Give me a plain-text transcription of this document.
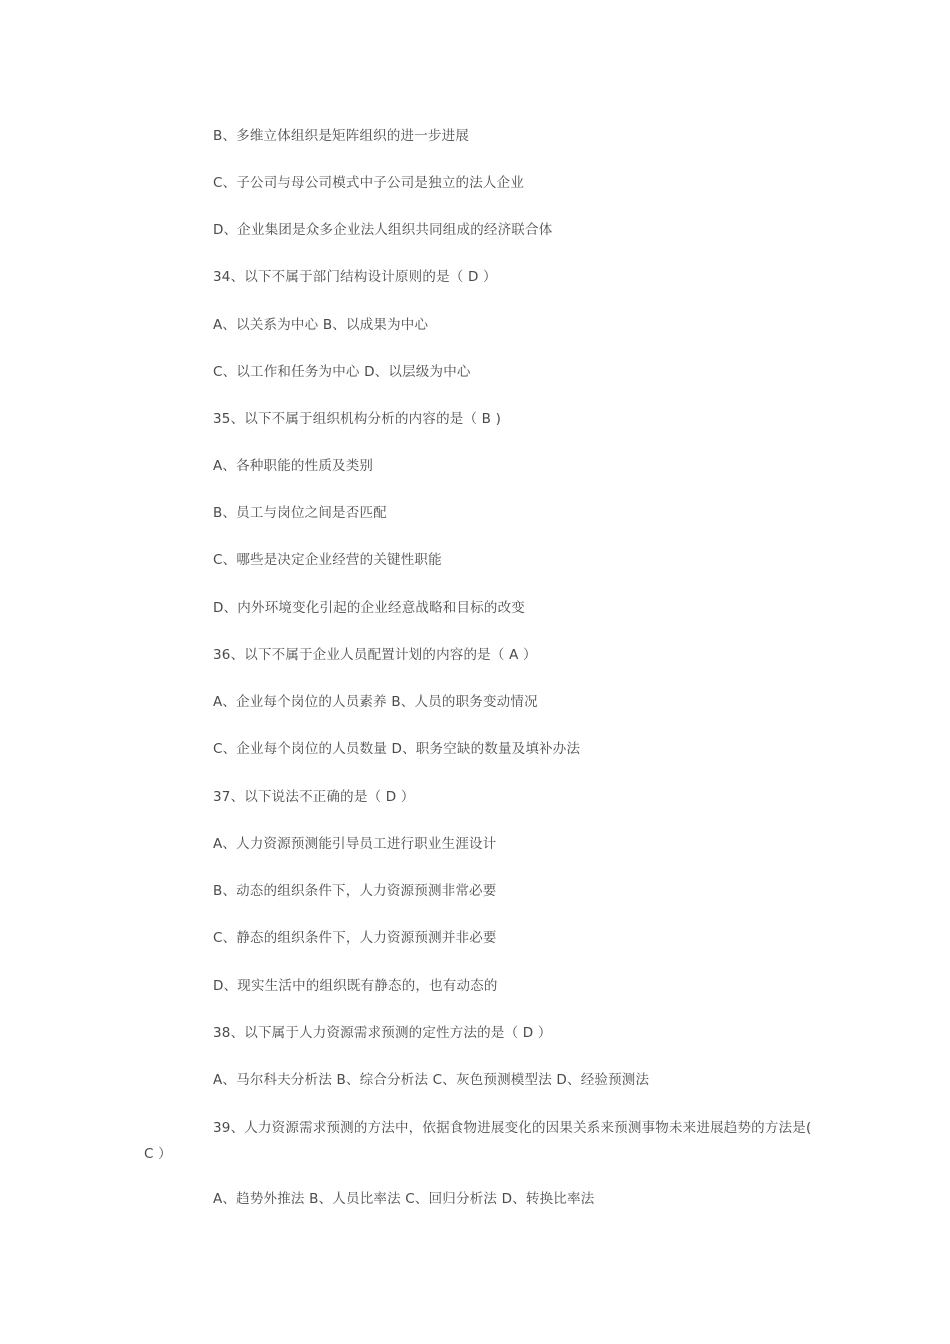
B、多维立体组织是矩阵组织的进一步进展
C、子公司与母公司模式中子公司是独立的法人企业
D、企业集团是众多企业法人组织共同组成的经济联合体
34、以下不属于部门结构设计原则的是（ D ）
A、以关系为中心 B、以成果为中心
C、以工作和任务为中心 D、以层级为中心
35、以下不属于组织机构分析的内容的是（ B )
A、各种职能的性质及类别
B、员工与岗位之间是否匹配
C、哪些是决定企业经营的关键性职能
D、内外环境变化引起的企业经意战略和目标的改变
36、以下不属于企业人员配置计划的内容的是（ A ）
A、企业每个岗位的人员素养 B、人员的职务变动情况
C、企业每个岗位的人员数量 D、职务空缺的数量及填补办法
37、以下说法不正确的是（ D ）
A、人力资源预测能引导员工进行职业生涯设计
B、动态的组织条件下，人力资源预测非常必要
C、静态的组织条件下，人力资源预测并非必要
D、现实生活中的组织既有静态的，也有动态的
38、以下属于人力资源需求预测的定性方法的是（ D ）
A、马尔科夫分析法 B、综合分析法 C、灰色预测模型法 D、经验预测法
39、人力资源需求预测的方法中，依据食物进展变化的因果关系来预测事物未来进展趋势的方法是( C ）
A、趋势外推法 B、人员比率法 C、回归分析法 D、转换比率法
